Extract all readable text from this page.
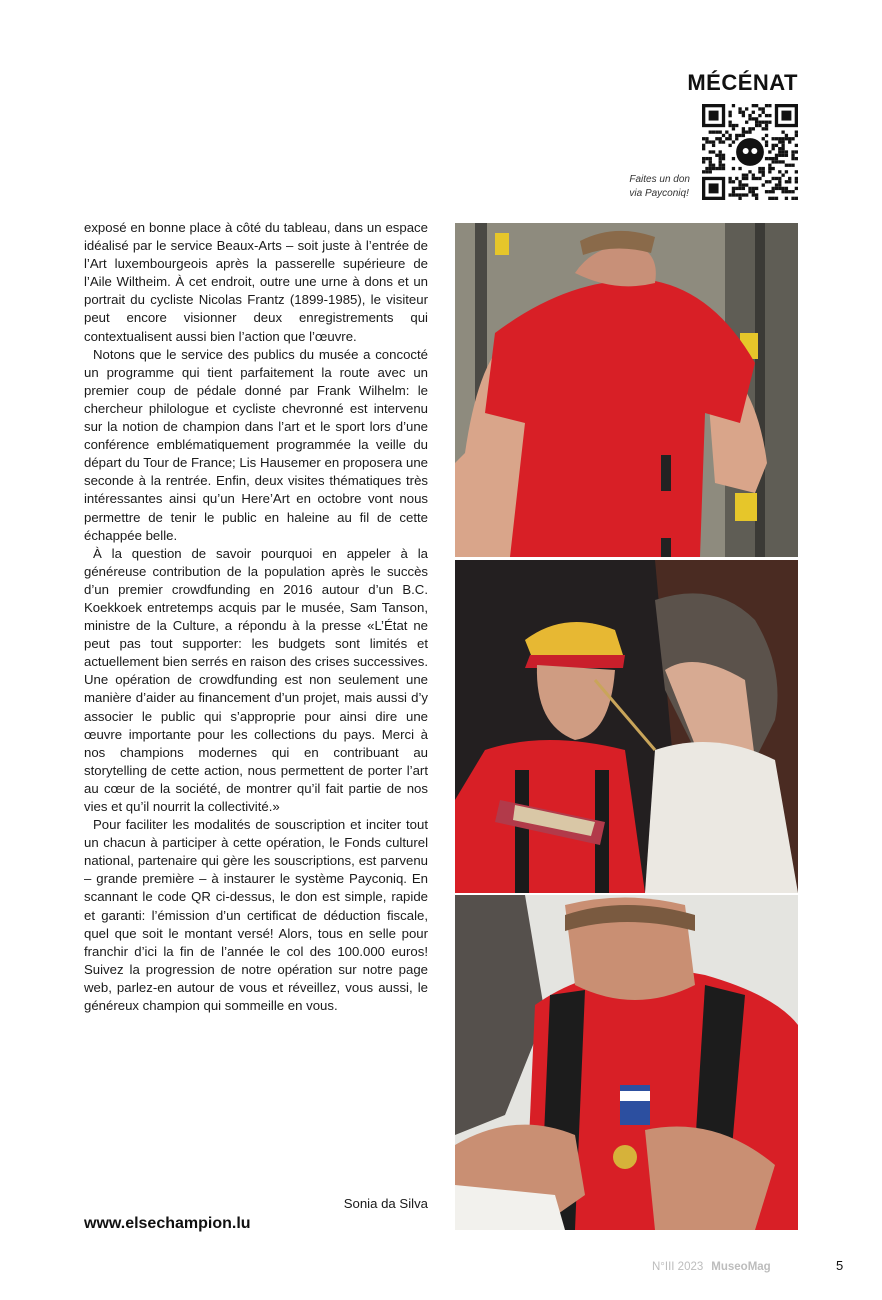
MÉCÉNAT
Faites un don
via Payconiq!

exposé en bonne place à côté du tableau, dans un espace idéalisé par le service Beaux-Arts – soit juste à l’entrée de l’Art luxembourgeois après la passerelle supérieure de l’Aile Wiltheim. À cet endroit, outre une urne à dons et un portrait du cycliste Nicolas Frantz (1899-1985), le visiteur peut encore visionner deux enregistrements qui contextualisent aussi bien l’action que l’œuvre.

Notons que le service des publics du musée a concocté un programme qui tient parfaitement la route avec un premier coup de pédale donné par Frank Wilhelm: le chercheur philologue et cycliste chevronné est intervenu sur la notion de champion dans l’art et le sport lors d’une conférence emblématiquement programmée la veille du départ du Tour de France; Lis Hausemer en proposera une seconde à la rentrée. Enfin, deux visites thématiques très intéressantes ainsi qu’un Here’Art en octobre vont nous permettre de tenir le public en haleine au fil de cette échappée belle.

À la question de savoir pourquoi en appeler à la généreuse contribution de la population après le succès d’un premier crowdfunding en 2016 autour d’un B.C. Koekkoek entretemps acquis par le musée, Sam Tanson, ministre de la Culture, a répondu à la presse «L’État ne peut pas tout supporter: les budgets sont limités et actuellement bien serrés en raison des crises successives. Une opération de crowdfunding est non seulement une manière d’aider au financement d’un projet, mais aussi d’y associer le public qui s’approprie pour ainsi dire une œuvre importante pour les collections du pays. Merci à nos champions modernes qui en contribuant au storytelling de cette action, nous permettent de porter l’art au cœur de la société, de montrer qu’il fait partie de nos vies et qu’il nourrit la collectivité.»

Pour faciliter les modalités de souscription et inciter tout un chacun à participer à cette opération, le Fonds culturel national, partenaire qui gère les souscriptions, est parvenu – grande première – à instaurer le système Payconiq. En scannant le code QR ci-dessus, le don est simple, rapide et garanti: l’émission d’un certificat de déduction fiscale, quel que soit le montant versé! Alors, tous en selle pour franchir d’ici la fin de l’année le col des 100.000 euros! Suivez la progression de notre opération sur notre page web, parlez-en autour de vous et réveillez, vous aussi, le généreux champion qui sommeille en vous.

Sonia da Silva
www.elsechampion.lu
N°III 2023 MuseoMag	5
